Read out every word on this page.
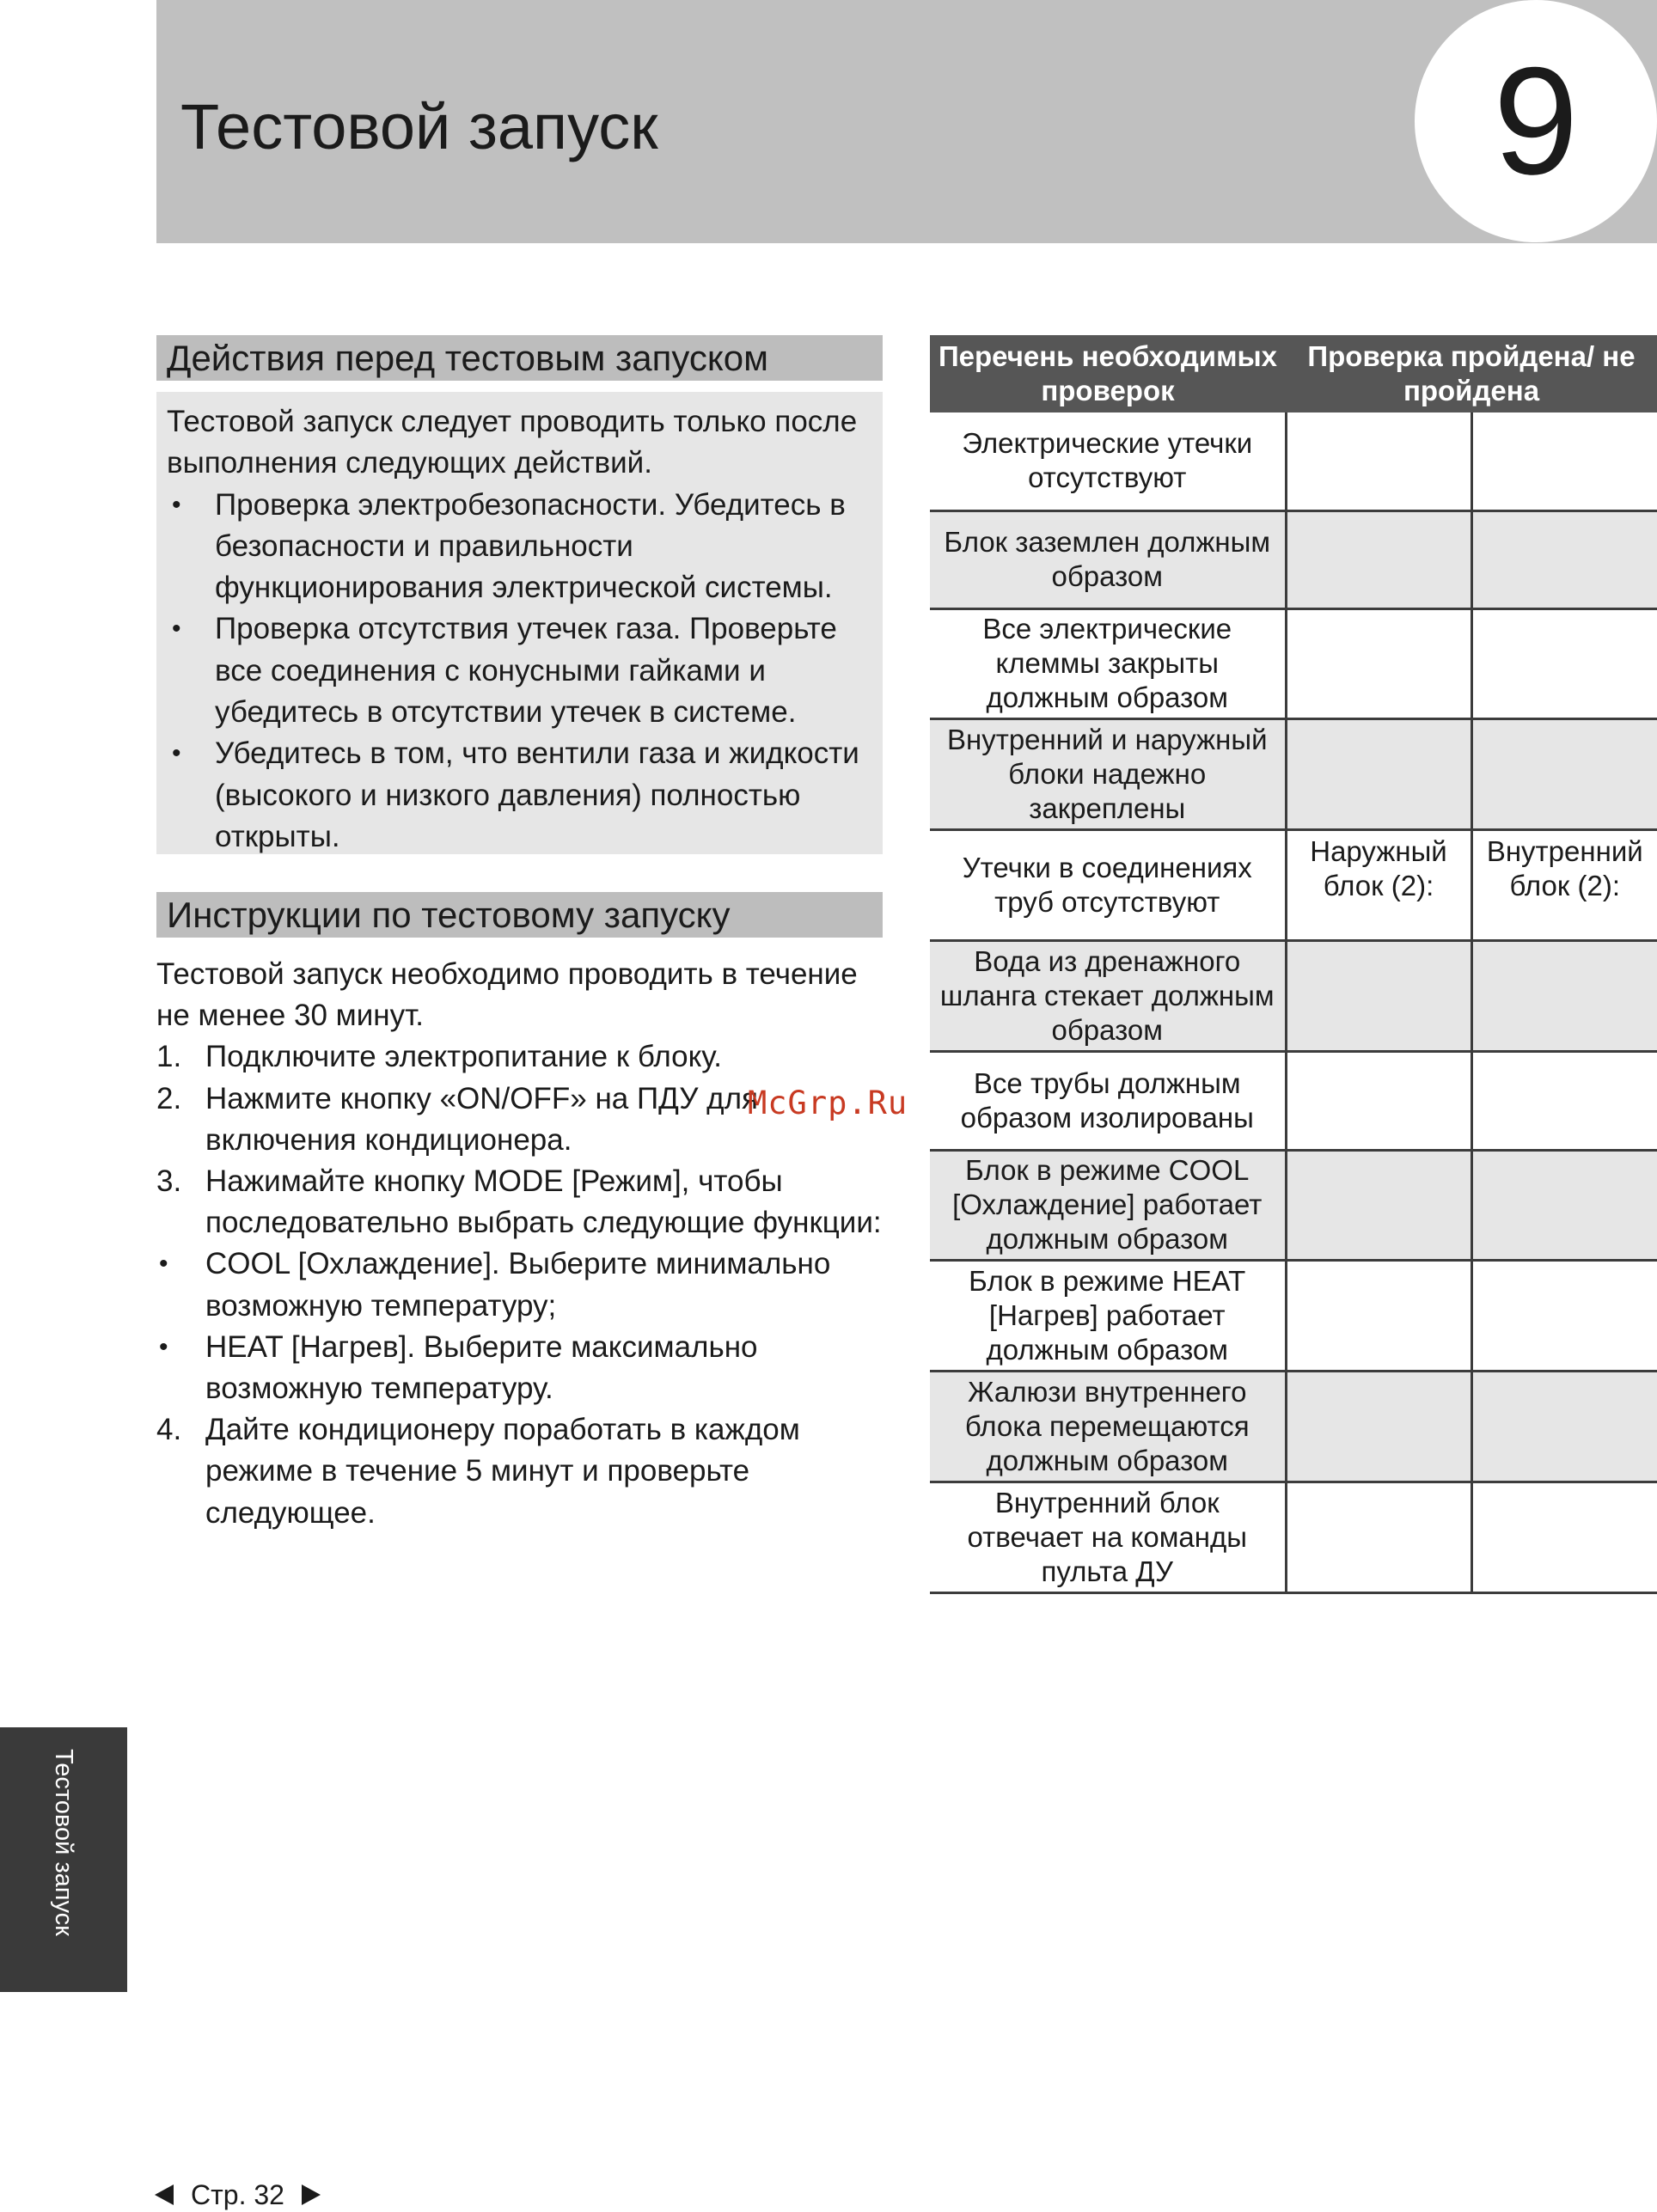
Тестовой запуск	9
Действия перед тестовым запуском

Тестовой запуск следует проводить только после выполнения следующих действий.

• Проверка электробезопасности. Убедитесь в безопасности и правильности функционирования электрической системы.

• Проверка отсутствия утечек газа. Проверьте все соединения с конусными гайками и убедитесь в отсутствии утечек в системе.

• Убедитесь в том, что вентили газа и жидкости (высокого и низкого давления) полностью открыты.

Инструкции по тестовому запуску

Тестовой запуск необходимо проводить в течение не менее 30 минут.

1. Подключите электропитание к блоку.

2. Нажмите кнопку «ON/OFF» на ПДУ для включения кондиционера.

3. Нажимайте кнопку MODE [Режим], чтобы последовательно выбрать следующие функции:

• COOL [Охлаждение]. Выберите минимально возможную температуру;

• HEAT [Нагрев]. Выберите максимально возможную температуру.

4. Дайте кондиционеру поработать в каждом режиме в течение 5 минут и проверьте следующее.

McGrp.Ru

Перечень необходимых проверок	Проверка пройдена/ не пройдена	
Электрические утечки отсутствуют		
Блок заземлен должным образом		
Все электрические клеммы закрыты должным образом		
Внутренний и наружный блоки надежно закреплены		
Утечки в соединениях труб отсутствуют	Наружный блок (2):	Внутренний блок (2):
Вода из дренажного шланга стекает должным образом		
Все трубы должным образом изолированы		
Блок в режиме COOL [Охлаждение] работает должным образом		
Блок в режиме HEAT [Нагрев] работает должным образом		
Жалюзи внутреннего блока перемещаются должным образом		
Внутренний блок отвечает на команды пульта ДУ		
Тестовой запуск
Стр. 32
